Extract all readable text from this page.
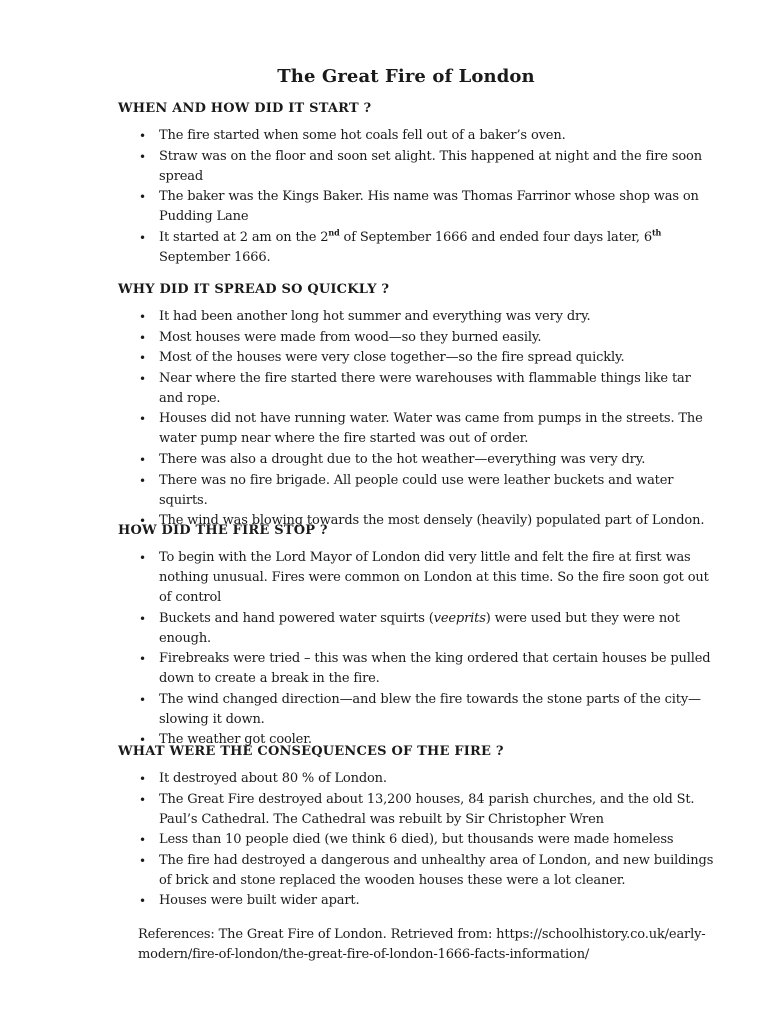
The Great Fire of London
WHEN AND HOW DID IT START ?
• The fire started when some hot coals fell out of a baker’s oven.
• Straw was on the floor and soon set alight. This happened at night and the fire soon spread
• The baker was the Kings Baker. His name was Thomas Farrinor whose shop was on Pudding Lane
• It started at 2 am on the 2nd of September 1666 and ended four days later, 6th September 1666.
WHY DID IT SPREAD SO QUICKLY ?
• It had been another long hot summer and everything was very dry.
• Most houses were made from wood—so they burned easily.
• Most of the houses were very close together—so the fire spread quickly.
• Near where the fire started there were warehouses with flammable things like tar and rope.
• Houses did not have running water. Water was came from pumps in the streets. The water pump near where the fire started was out of order.
• There was also a drought due to the hot weather—everything was very dry.
• There was no fire brigade. All people could use were leather buckets and water squirts.
• The wind was blowing towards the most densely (heavily) populated part of London.
HOW DID THE FIRE STOP ?
• To begin with the Lord Mayor of London did very little and felt the fire at first was nothing unusual. Fires were common on London at this time. So the fire soon got out of control
• Buckets and hand powered water squirts (veeprits) were used but they were not enough.
• Firebreaks were tried – this was when the king ordered that certain houses be pulled down to create a break in the fire.
• The wind changed direction—and blew the fire towards the stone parts of the city—slowing it down.
• The weather got cooler.
WHAT WERE THE CONSEQUENCES OF THE FIRE ?
• It destroyed about 80 % of London.
• The Great Fire destroyed about 13,200 houses, 84 parish churches, and the old St. Paul’s Cathedral. The Cathedral was rebuilt by Sir Christopher Wren
• Less than 10 people died (we think 6 died), but thousands were made homeless
• The fire had destroyed a dangerous and unhealthy area of London, and new buildings of brick and stone replaced the wooden houses these were a lot cleaner.
• Houses were built wider apart.

References: The Great Fire of London. Retrieved from: https://schoolhistory.co.uk/early-modern/fire-of-london/the-great-fire-of-london-1666-facts-information/
